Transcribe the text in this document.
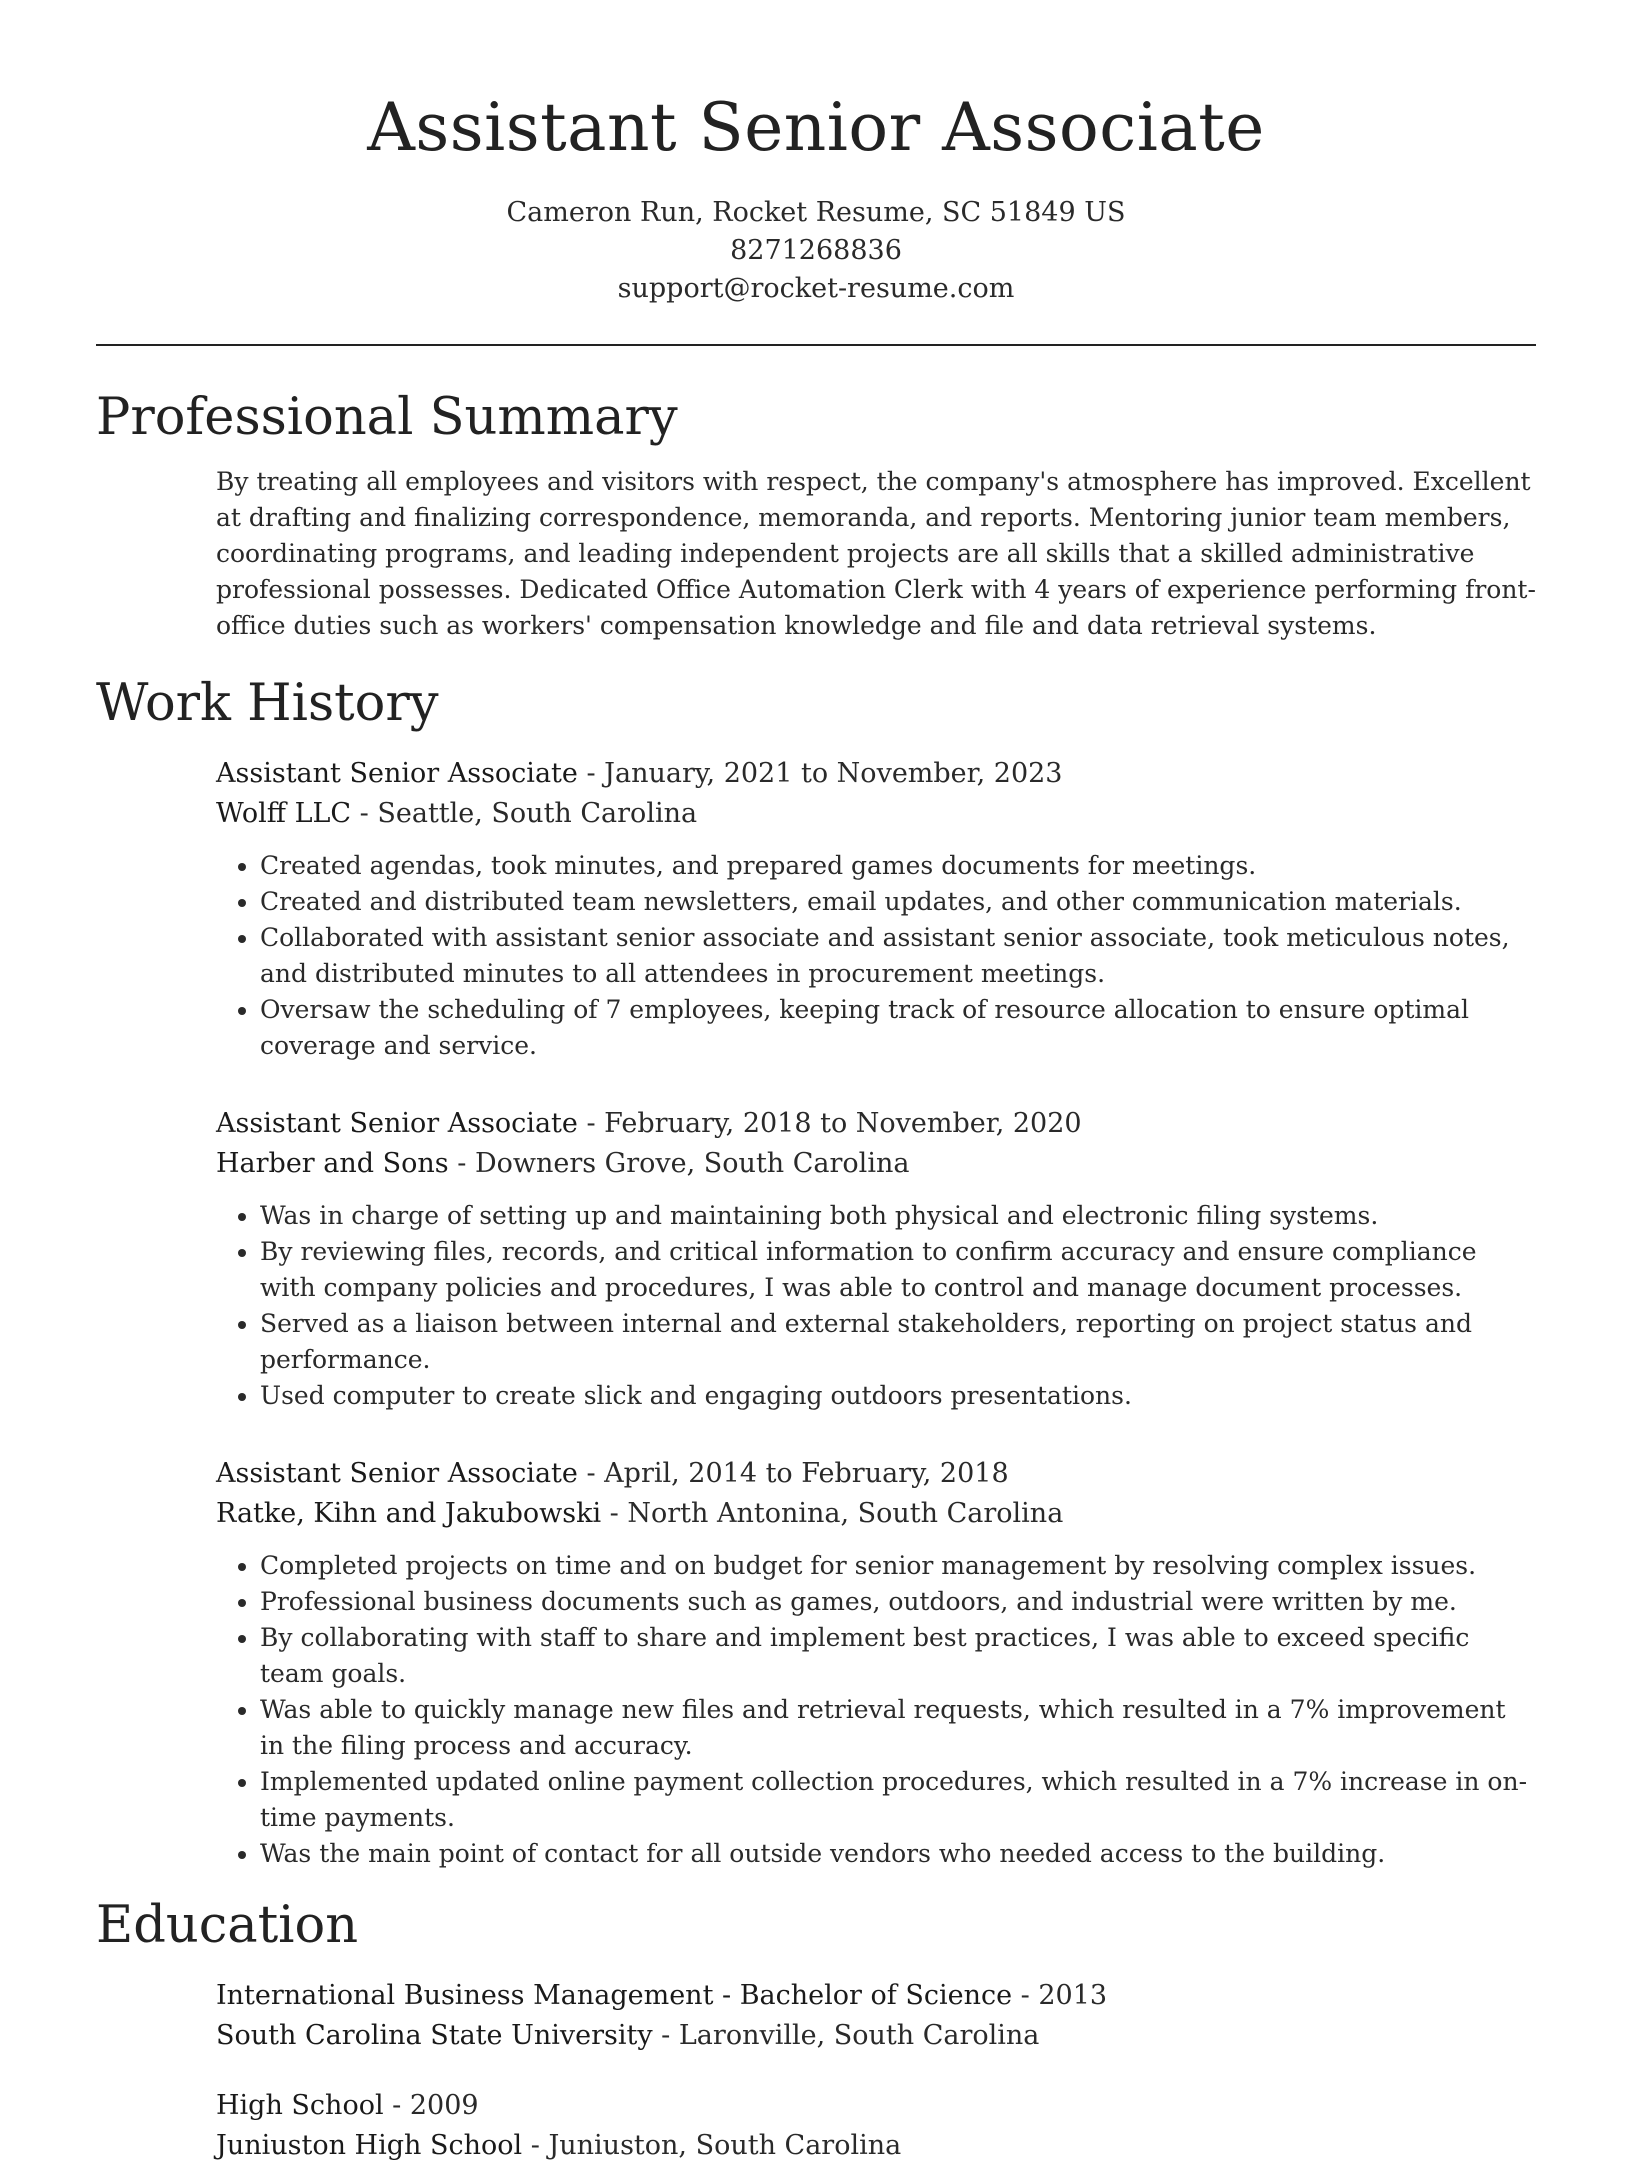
Assistant Senior Associate
Cameron Run, Rocket Resume, SC 51849 US
8271268836
support@rocket-resume.com
Professional Summary
By treating all employees and visitors with respect, the company's atmosphere has improved. Excellent at drafting and finalizing correspondence, memoranda, and reports. Mentoring junior team members, coordinating programs, and leading independent projects are all skills that a skilled administrative professional possesses. Dedicated Office Automation Clerk with 4 years of experience performing front-office duties such as workers' compensation knowledge and file and data retrieval systems.
Work History
Assistant Senior Associate - January, 2021 to November, 2023
Wolff LLC - Seattle, South Carolina
• Created agendas, took minutes, and prepared games documents for meetings.
• Created and distributed team newsletters, email updates, and other communication materials.
• Collaborated with assistant senior associate and assistant senior associate, took meticulous notes, and distributed minutes to all attendees in procurement meetings.
• Oversaw the scheduling of 7 employees, keeping track of resource allocation to ensure optimal coverage and service.
Assistant Senior Associate - February, 2018 to November, 2020
Harber and Sons - Downers Grove, South Carolina
• Was in charge of setting up and maintaining both physical and electronic filing systems.
• By reviewing files, records, and critical information to confirm accuracy and ensure compliance with company policies and procedures, I was able to control and manage document processes.
• Served as a liaison between internal and external stakeholders, reporting on project status and performance.
• Used computer to create slick and engaging outdoors presentations.
Assistant Senior Associate - April, 2014 to February, 2018
Ratke, Kihn and Jakubowski - North Antonina, South Carolina
• Completed projects on time and on budget for senior management by resolving complex issues.
• Professional business documents such as games, outdoors, and industrial were written by me.
• By collaborating with staff to share and implement best practices, I was able to exceed specific team goals.
• Was able to quickly manage new files and retrieval requests, which resulted in a 7% improvement in the filing process and accuracy.
• Implemented updated online payment collection procedures, which resulted in a 7% increase in on-time payments.
• Was the main point of contact for all outside vendors who needed access to the building.
Education
International Business Management - Bachelor of Science - 2013
South Carolina State University - Laronville, South Carolina
High School - 2009
Juniuston High School - Juniuston, South Carolina
